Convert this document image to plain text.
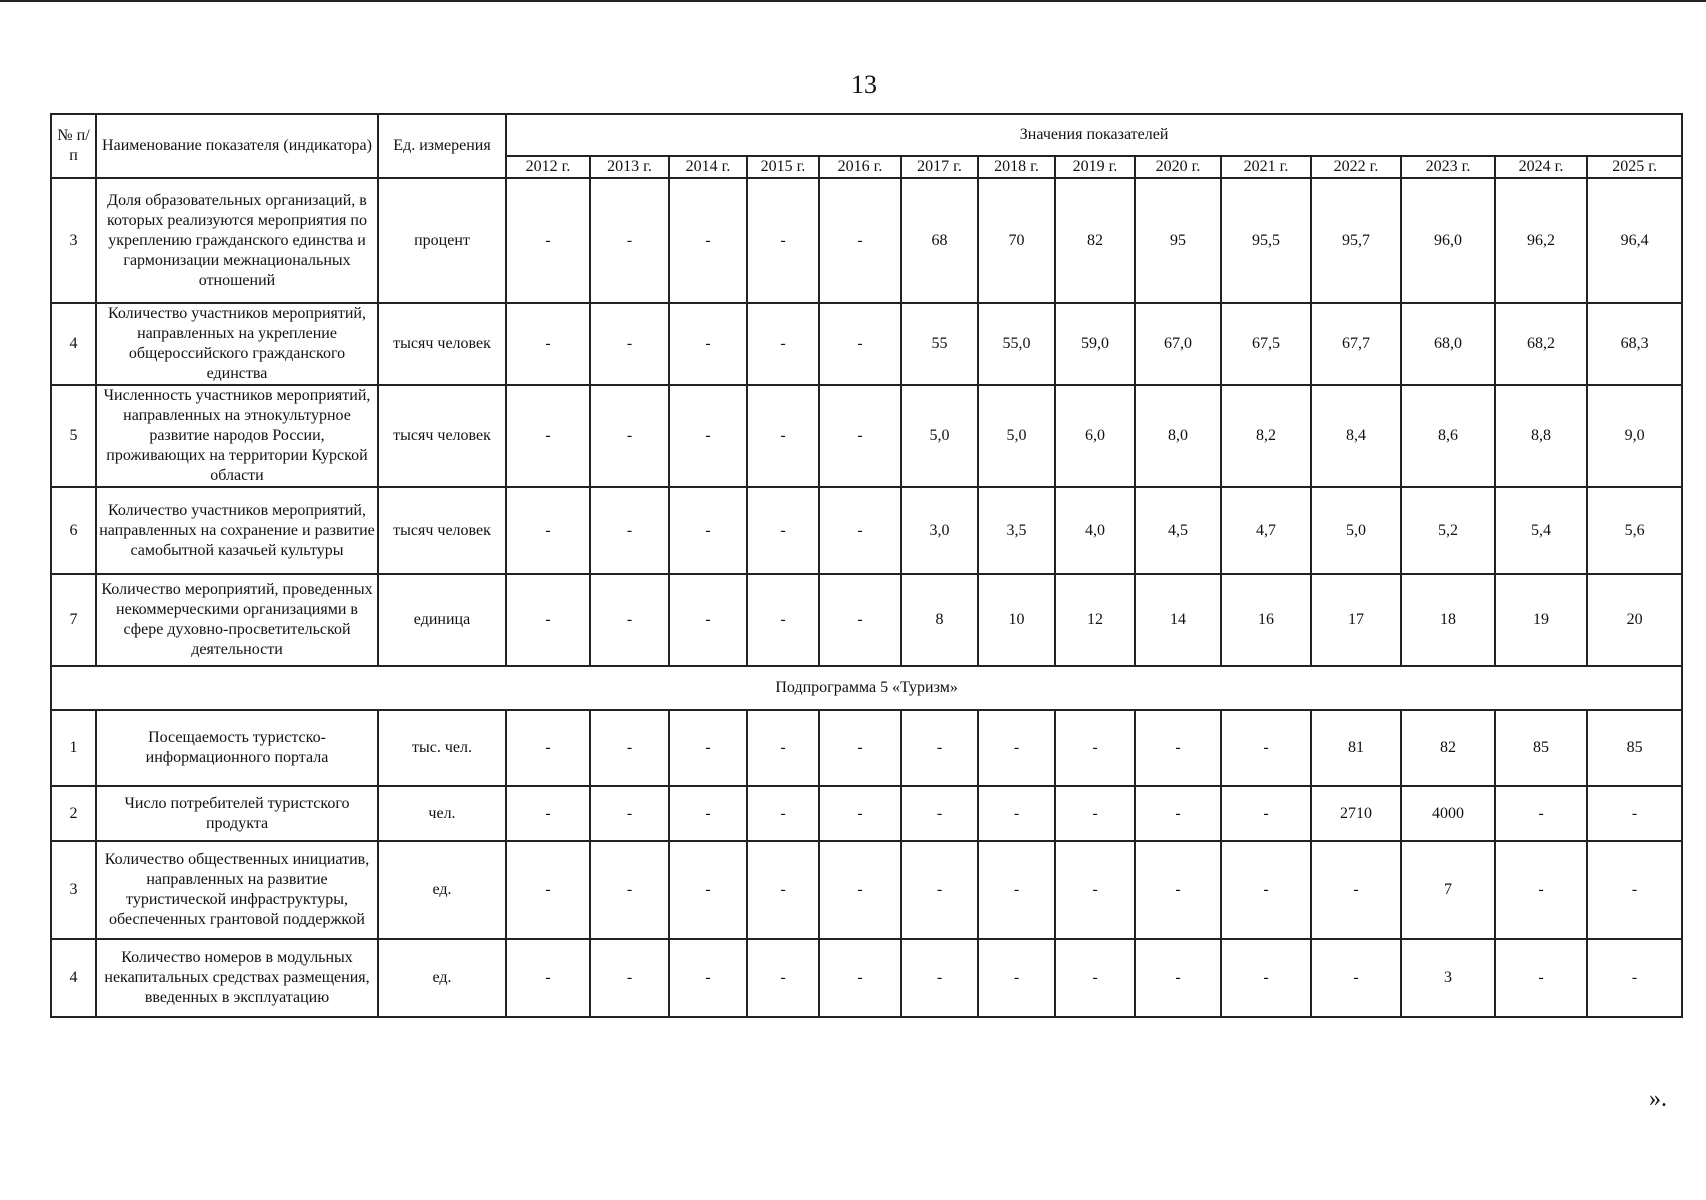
13
№ п/п	Наименование показателя (индикатора)	Ед. измерения	Значения показателей													
			2012 г.	2013 г.	2014 г.	2015 г.	2016 г.	2017 г.	2018 г.	2019 г.	2020 г.	2021 г.	2022 г.	2023 г.	2024 г.	2025 г.
3	Доля образовательных организаций, в которых реализуются мероприятия по укреплению гражданского единства и гармонизации межнациональных отношений	процент	-	-	-	-	-	68	70	82	95	95,5	95,7	96,0	96,2	96,4
4	Количество участников мероприятий, направленных на укрепление общероссийского гражданского единства	тысяч человек	-	-	-	-	-	55	55,0	59,0	67,0	67,5	67,7	68,0	68,2	68,3
5	Численность участников мероприятий, направленных на этнокультурное развитие народов России, проживающих на территории Курской области	тысяч человек	-	-	-	-	-	5,0	5,0	6,0	8,0	8,2	8,4	8,6	8,8	9,0
6	Количество участников мероприятий, направленных на сохранение и развитие самобытной казачьей культуры	тысяч человек	-	-	-	-	-	3,0	3,5	4,0	4,5	4,7	5,0	5,2	5,4	5,6
7	Количество мероприятий, проведенных некоммерческими организациями в сфере духовно-просветительской деятельности	единица	-	-	-	-	-	8	10	12	14	16	17	18	19	20
Подпрограмма 5 «Туризм»																
1	Посещаемость туристско-информационного портала	тыс. чел.	-	-	-	-	-	-	-	-	-	-	81	82	85	85
2	Число потребителей туристского продукта	чел.	-	-	-	-	-	-	-	-	-	-	2710	4000	-	-
3	Количество общественных инициатив, направленных на развитие туристической инфраструктуры, обеспеченных грантовой поддержкой	ед.	-	-	-	-	-	-	-	-	-	-	-	7	-	-
4	Количество номеров в модульных некапитальных средствах размещения, введенных в эксплуатацию	ед.	-	-	-	-	-	-	-	-	-	-	-	3	-	-
».
